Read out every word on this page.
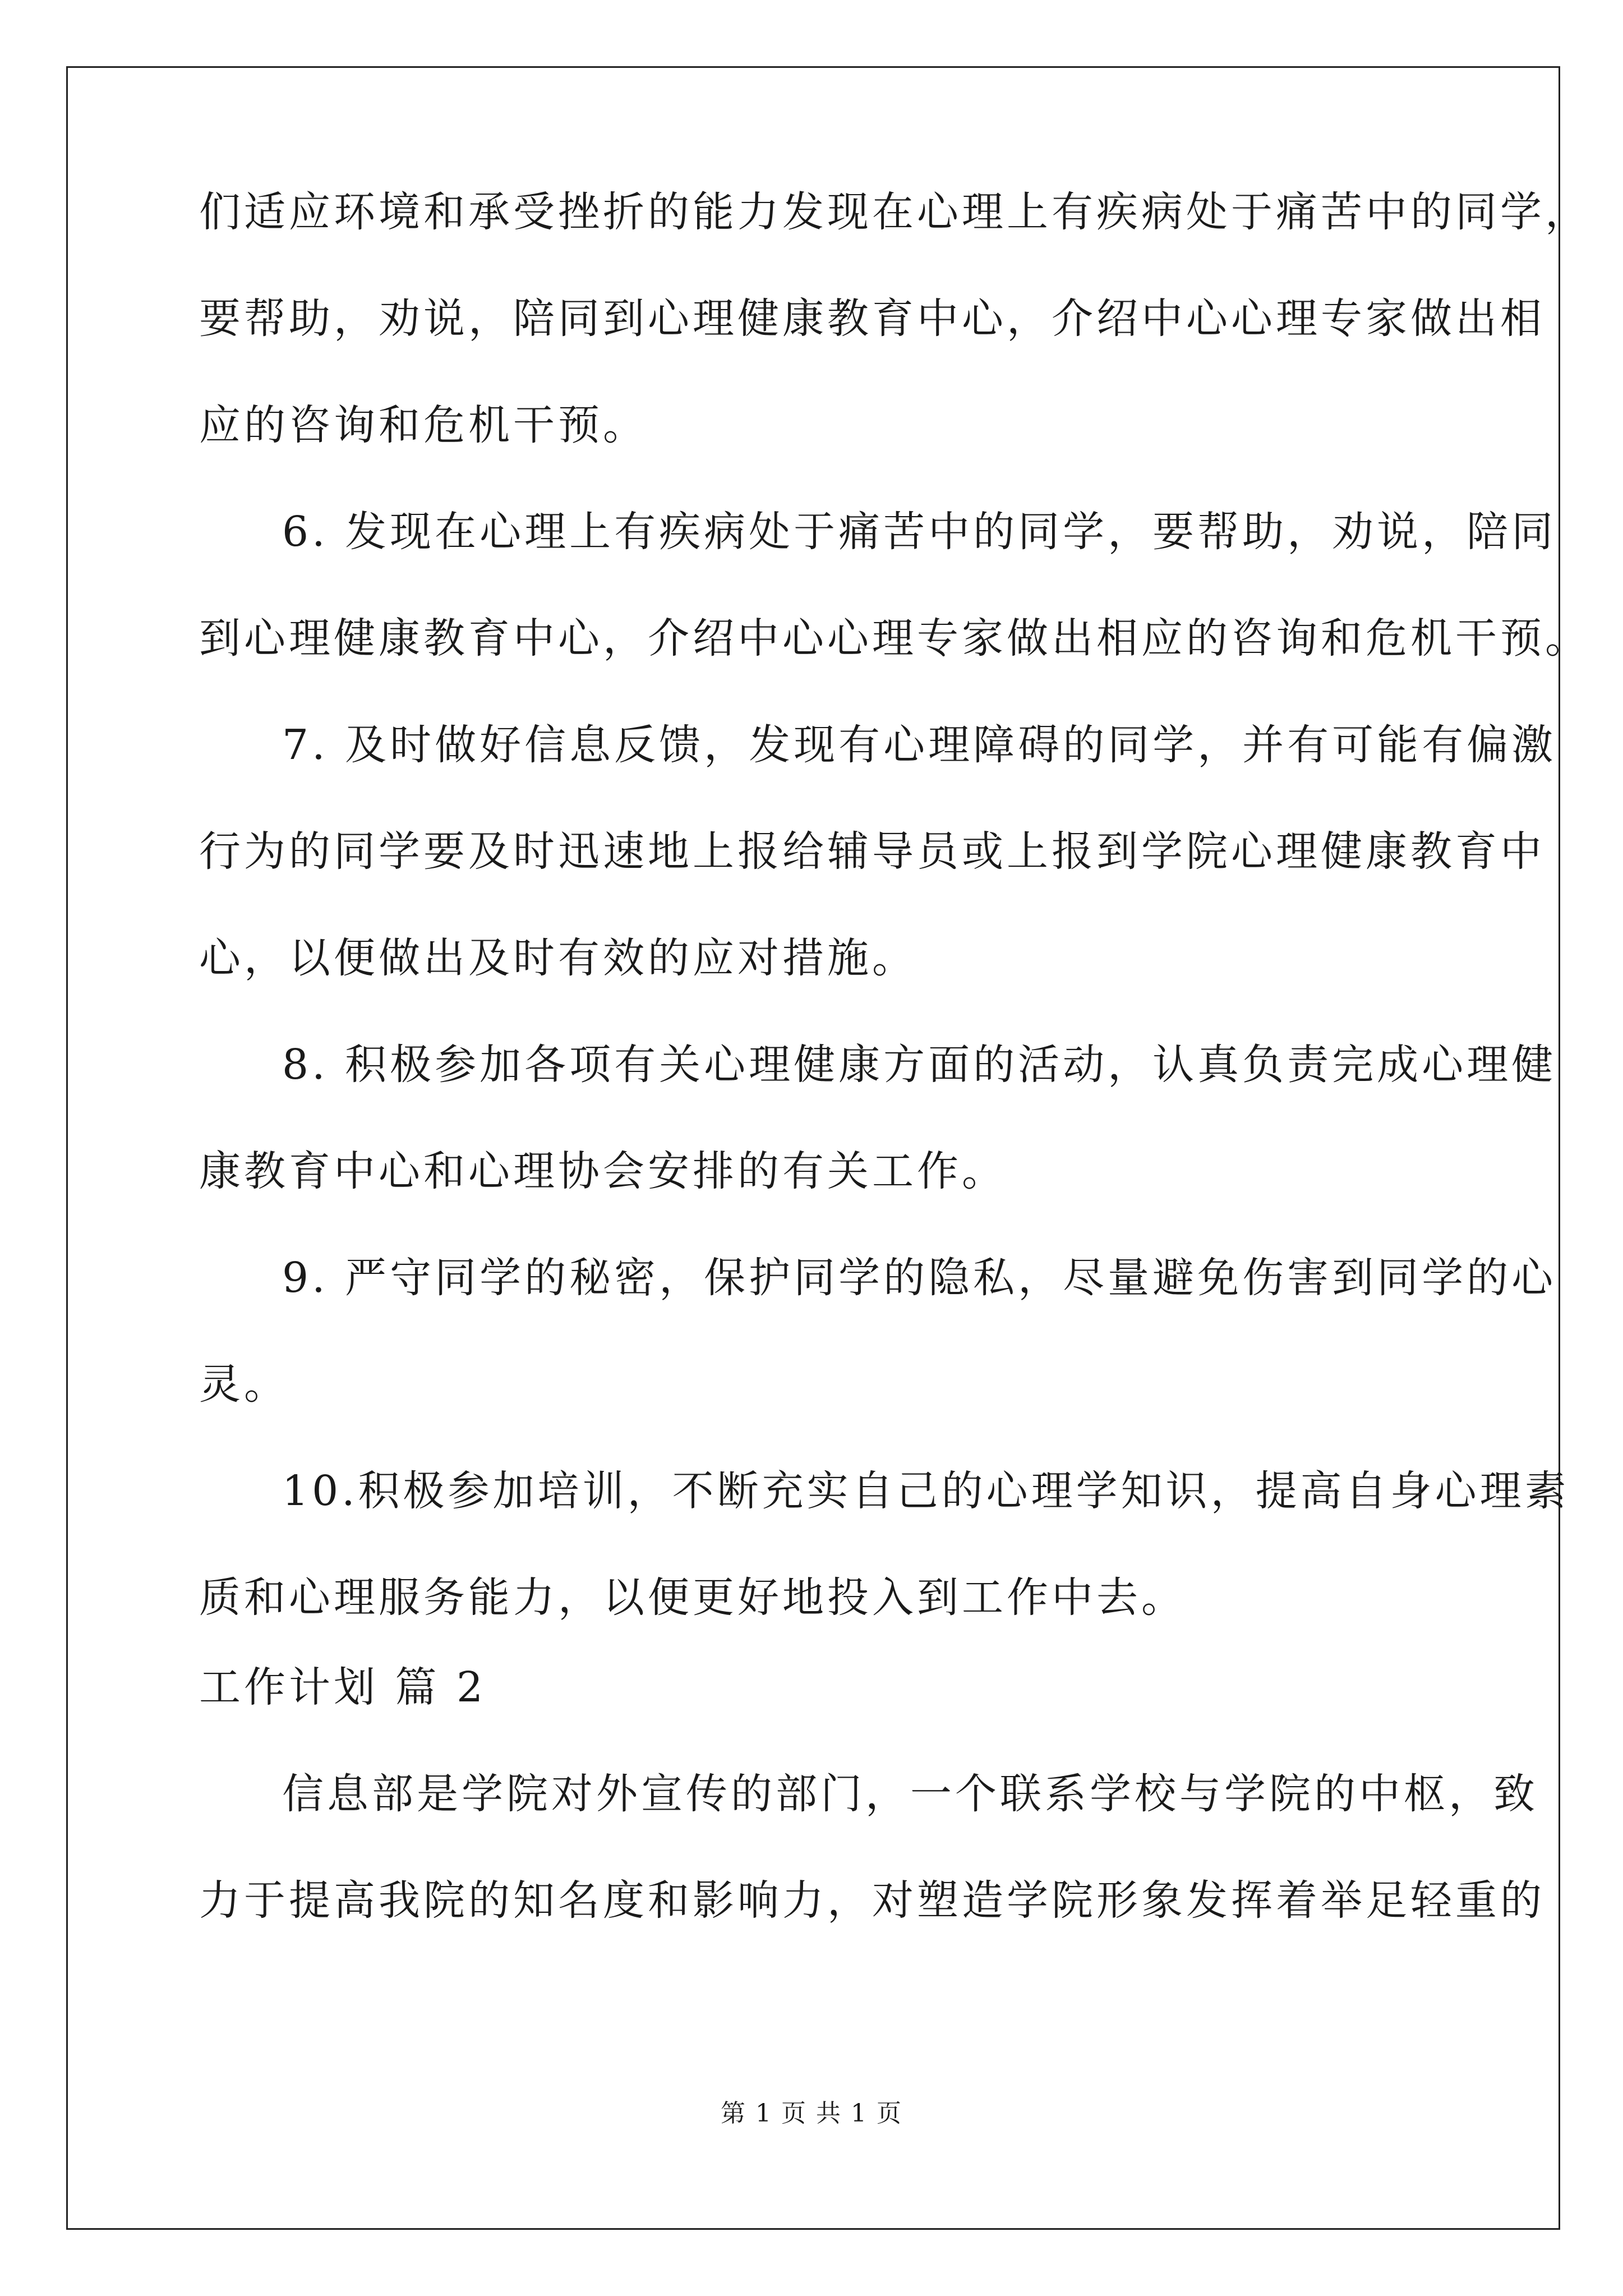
们适应环境和承受挫折的能力发现在心理上有疾病处于痛苦中的同学，
要帮助，劝说，陪同到心理健康教育中心，介绍中心心理专家做出相
应的咨询和危机干预。
6. 发现在心理上有疾病处于痛苦中的同学，要帮助，劝说，陪同
到心理健康教育中心，介绍中心心理专家做出相应的咨询和危机干预。
7. 及时做好信息反馈，发现有心理障碍的同学，并有可能有偏激
行为的同学要及时迅速地上报给辅导员或上报到学院心理健康教育中
心，以便做出及时有效的应对措施。
8. 积极参加各项有关心理健康方面的活动，认真负责完成心理健
康教育中心和心理协会安排的有关工作。
9. 严守同学的秘密，保护同学的隐私，尽量避免伤害到同学的心
灵。
10.积极参加培训，不断充实自己的心理学知识，提高自身心理素
质和心理服务能力，以便更好地投入到工作中去。
工作计划 篇 2
信息部是学院对外宣传的部门，一个联系学校与学院的中枢，致
力于提高我院的知名度和影响力，对塑造学院形象发挥着举足轻重的
第 1 页 共 1 页
